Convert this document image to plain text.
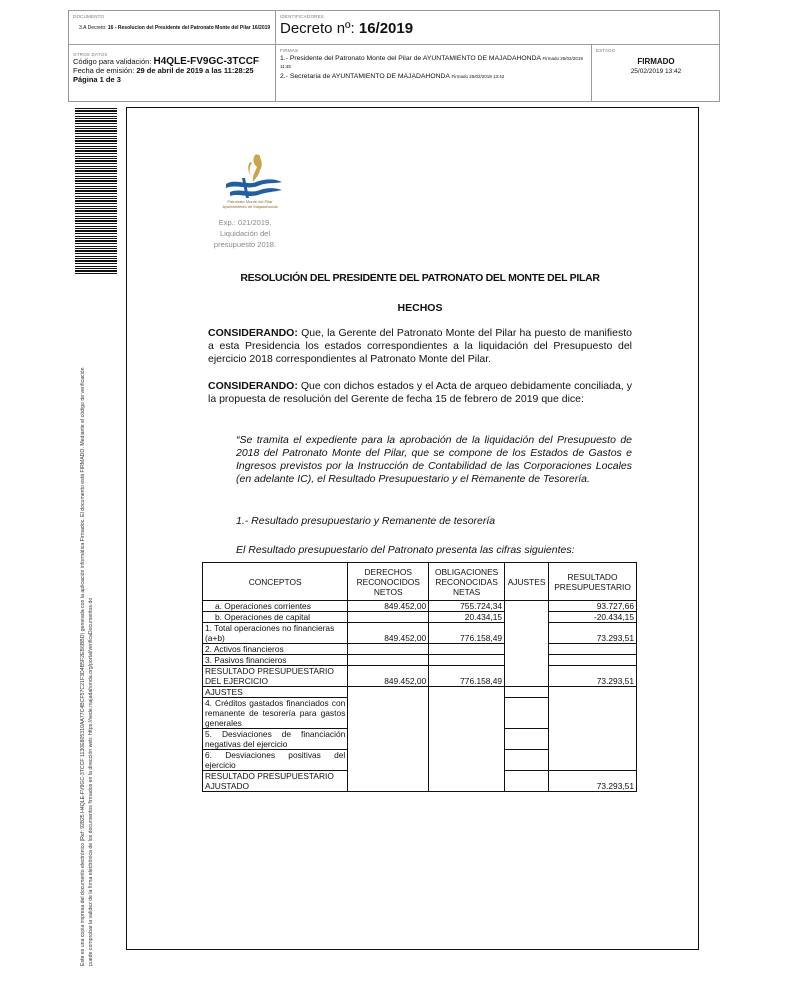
DOCUMENTO
3.A Decreto: 16 - Resolucion del Presidente del Patronato Monte del Pilar 16/2019
IDENTIFICADORES
Decreto nº: 16/2019
OTROS DATOS
Código para validación: H4QLE-FV9GC-3TCCF
Fecha de emisión: 29 de abril de 2019 a las 11:28:25
Página 1 de 3
FIRMAS
1.- Presidente del Patronato Monte del Pilar de AYUNTAMIENTO DE MAJADAHONDA Firmado 25/02/2019 11:45
2.- Secretaria de AYUNTAMIENTO DE MAJADAHONDA Firmado 25/02/2019 13:42
ESTADO
FIRMADO
25/02/2019 13:42
Este es una copia impresa del documento electrónico (Ref: 92825 H4QLE-FV9GC-3TCCF 1130E805310AA77C4BCF57C21F3D4B5F2EB6BBD) generada con la aplicación informática Firmadoc. El documento está FIRMADO. Mediante el código de verificación puede comprobar la validez de la firma electrónica de los documentos firmados en la dirección web: https://sede.majadahonda.org/portal/verificaDocumentos.do
Patronato Monte del Pilar
Ayuntamiento de Majadahonda
Exp.: 021/2019.
Liquidación del
presupuesto 2018.
RESOLUCIÓN DEL PRESIDENTE DEL PATRONATO DEL MONTE DEL PILAR
HECHOS
CONSIDERANDO: Que, la Gerente del Patronato Monte del Pilar ha puesto de manifiesto a esta Presidencia los estados correspondientes a la liquidación del Presupuesto del ejercicio 2018 correspondientes al Patronato Monte del Pilar.
CONSIDERANDO: Que con dichos estados y el Acta de arqueo debidamente conciliada, y la propuesta de resolución del Gerente de fecha 15 de febrero de 2019 que dice:
“Se tramita el expediente para la aprobación de la liquidación del Presupuesto de 2018 del Patronato Monte del Pilar, que se compone de los Estados de Gastos e Ingresos previstos por la Instrucción de Contabilidad de las Corporaciones Locales (en adelante IC), el Resultado Presupuestario y el Remanente de Tesorería.
1.- Resultado presupuestario y Remanente de tesorería
El Resultado presupuestario del Patronato presenta las cifras siguientes:
CONCEPTOS	DERECHOS RECONOCIDOS NETOS	OBLIGACIONES RECONOCIDAS NETAS	AJUSTES	RESULTADO PRESUPUESTARIO
a. Operaciones corrientes	849.452,00	755.724,34		93.727,66
b. Operaciones de capital		20.434,15		-20.434,15
1. Total operaciones no financieras (a+b)	849.452,00	776.158,49		73.293,51
2. Activos financieros				
3. Pasivos financieros				
RESULTADO PRESUPUESTARIO DEL EJERCICIO	849.452,00	776.158,49		73.293,51
AJUSTES				
4. Créditos gastados financiados con remanente de tesorería para gastos generales				
5. Desviaciones de financiación negativas del ejercicio				
6. Desviaciones positivas del ejercicio				
RESULTADO PRESUPUESTARIO AJUSTADO				73.293,51
